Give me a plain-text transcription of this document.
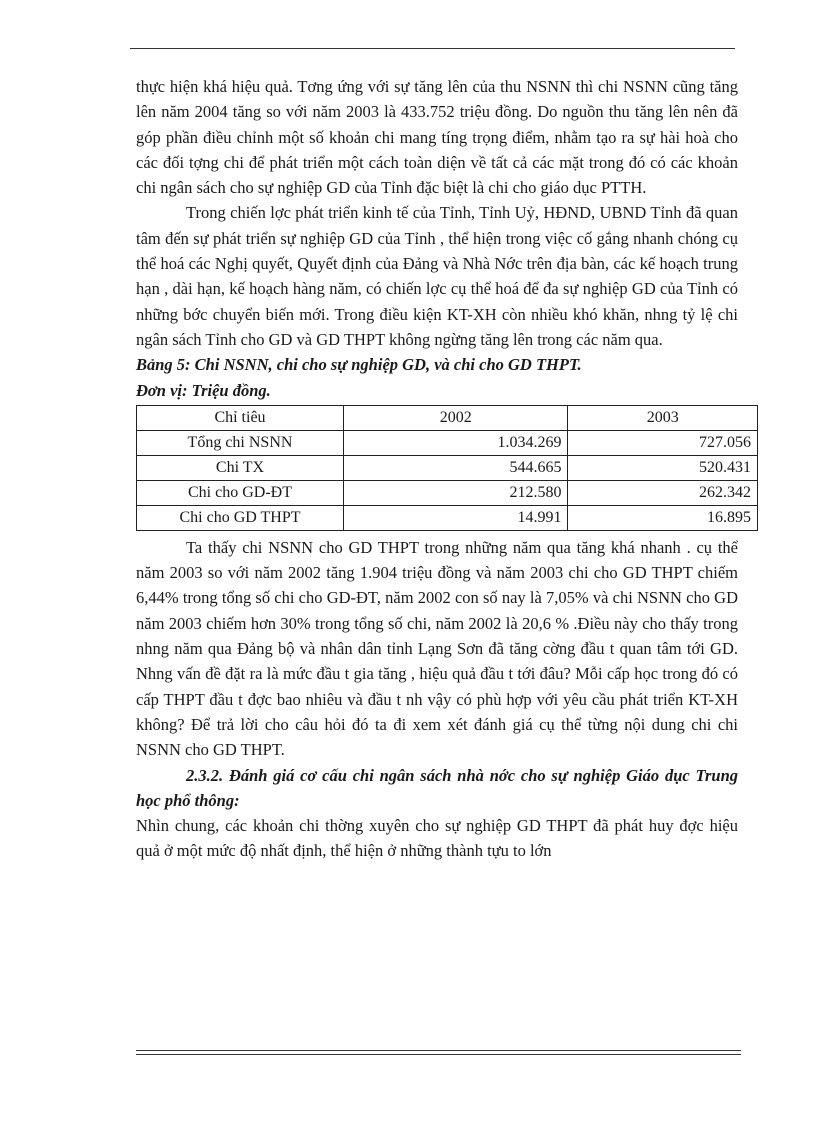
thực hiện khá hiệu quả. Tơng ứng với sự tăng lên của thu NSNN thì chi NSNN cũng tăng lên năm 2004 tăng so với năm 2003 là 433.752 triệu đồng. Do nguồn thu tăng lên nên đã góp phần điều chỉnh một số khoản chi mang tíng trọng điểm, nhằm tạo ra sự hài hoà cho các đối tợng chi để phát triển một cách toàn diện về tất cả các mặt trong đó có các khoản chi ngân sách cho sự nghiệp GD của Tỉnh đặc biệt là chi cho giáo dục PTTH.

Trong chiến lợc phát triển kinh tế của Tỉnh, Tỉnh Uỷ, HĐND, UBND Tỉnh đã quan tâm đến sự phát triển sự nghiệp GD của Tỉnh , thể hiện trong việc cố gắng nhanh chóng cụ thể hoá các Nghị quyết, Quyết định của Đảng và Nhà Nớc trên địa bàn, các kế hoạch trung hạn , dài hạn, kế hoạch hàng năm, có chiến lợc cụ thể hoá để đa sự nghiệp GD của Tỉnh có những bớc chuyển biến mới. Trong điều kiện KT-XH còn nhiều khó khăn, nhng tỷ lệ chi ngân sách Tỉnh cho GD và GD THPT không ngừng tăng lên trong các năm qua.

Bảng 5: Chi NSNN, chi cho sự nghiệp GD, và chi cho GD THPT.

Đơn vị: Triệu đồng.

Chỉ tiêu	2002	2003
Tổng chi NSNN	1.034.269	727.056
Chi TX	544.665	520.431
Chi cho GD-ĐT	212.580	262.342
Chi cho GD THPT	14.991	16.895

Ta thấy chi NSNN cho GD THPT trong những năm qua tăng khá nhanh . cụ thể năm 2003 so với năm 2002 tăng 1.904 triệu đồng và năm 2003 chi cho GD THPT chiếm 6,44% trong tổng số chi cho GD-ĐT, năm 2002 con số nay là 7,05% và chi NSNN cho GD năm 2003 chiếm hơn 30% trong tổng số chi, năm 2002 là 20,6 % .Điều này cho thấy trong nhng năm qua Đảng bộ và nhân dân tỉnh Lạng Sơn đã tăng cờng đầu t quan tâm tới GD. Nhng vấn đề đặt ra là mức đầu t gia tăng , hiệu quả đầu t tới đâu? Mỗi cấp học trong đó có cấp THPT đầu t đợc bao nhiêu và đầu t nh vậy có phù hợp với yêu cầu phát triển KT-XH không? Để trả lời cho câu hỏi đó ta đi xem xét đánh giá cụ thể từng nội dung chi chi NSNN cho GD THPT.

2.3.2. Đánh giá cơ cấu chi ngân sách nhà nớc cho sự nghiệp Giáo dục Trung học phổ thông:

Nhìn chung, các khoản chi thờng xuyên cho sự nghiệp GD THPT đã phát huy đợc hiệu quả ở một mức độ nhất định, thể hiện ở những thành tựu to lớn
